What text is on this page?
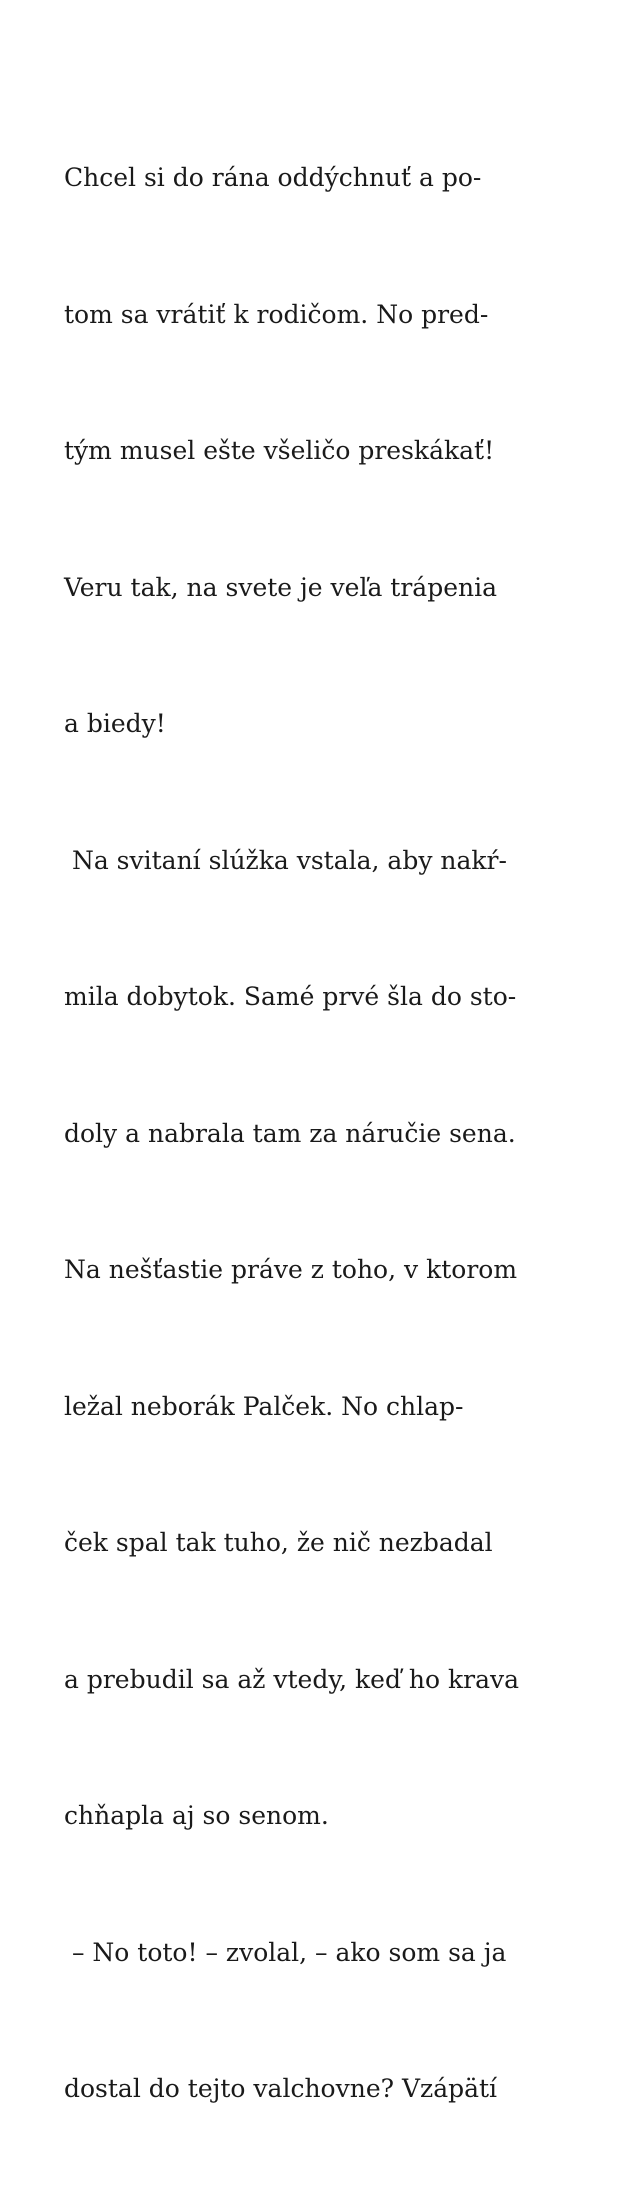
Chcel si do rána oddýchnuť a po-

tom sa vrátiť k rodičom. No pred-

tým musel ešte všeličo preskákať!

Veru tak, na svete je veľa trápenia

a biedy!

Na svitaní slúžka vstala, aby nakŕ-

mila dobytok. Samé prvé šla do sto-

doly a nabrala tam za náručie sena.

Na nešťastie práve z toho, v ktorom

ležal neborák Palček. No chlap-

ček spal tak tuho, že nič nezbadal

a prebudil sa až vtedy, keď ho krava

chňapla aj so senom.

– No toto! – zvolal, – ako som sa ja

dostal do tejto valchovne? Vzápätí
